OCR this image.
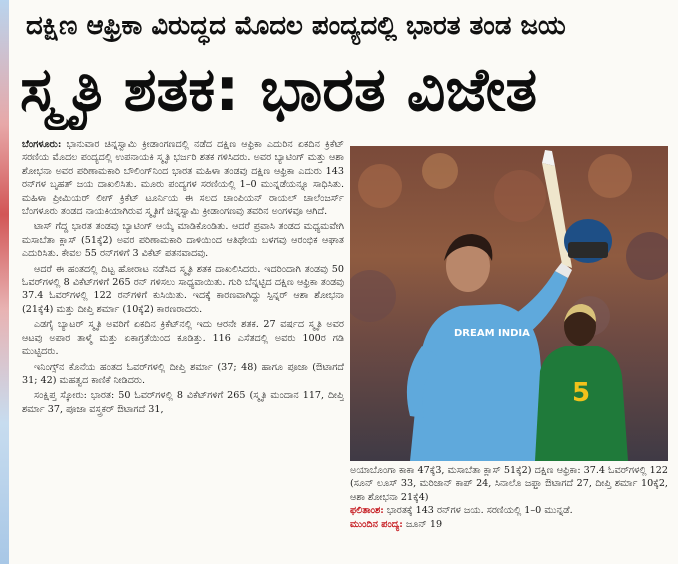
ದಕ್ಷಿಣ ಆಫ್ರಿಕಾ ವಿರುದ್ಧದ ಮೊದಲ ಪಂದ್ಯದಲ್ಲಿ ಭಾರತ ತಂಡ ಜಯ
ಸ್ಮೃತಿ ಶತಕ: ಭಾರತ ವಿಜೇತ

ಬೆಂಗಳೂರು: ಭಾನುವಾರ ಚಿನ್ನಸ್ವಾಮಿ ಕ್ರೀಡಾಂಗಣದಲ್ಲಿ ನಡೆದ ದಕ್ಷಿಣ ಆಫ್ರಿಕಾ ಎದುರಿನ ಏಕದಿನ ಕ್ರಿಕೆಟ್ ಸರಣಿಯ ಮೊದಲ ಪಂದ್ಯದಲ್ಲಿ ಉಪನಾಯಕಿ ಸ್ಮೃತಿ ಭರ್ಜರಿ ಶತಕ ಗಳಿಸಿದರು. ಅವರ ಬ್ಯಾಟಿಂಗ್ ಮತ್ತು ಆಶಾ ಶೋಭನಾ ಅವರ ಪರಿಣಾಮಕಾರಿ ಬೌಲಿಂಗ್‌ನಿಂದ ಭಾರತ ಮಹಿಳಾ ತಂಡವು ದಕ್ಷಿಣ ಆಫ್ರಿಕಾ ಎದುರು 143 ರನ್‌ಗಳ ಬೃಹತ್ ಜಯ ದಾಖಲಿಸಿತು. ಮೂರು ಪಂದ್ಯಗಳ ಸರಣಿಯಲ್ಲಿ 1–0 ಮುನ್ನಡೆಯನ್ನೂ ಸಾಧಿಸಿತು. ಮಹಿಳಾ ಪ್ರೀಮಿಯರ್ ಲೀಗ್ ಕ್ರಿಕೆಟ್ ಟೂರ್ನಿಯ ಈ ಸಲದ ಚಾಂಪಿಯನ್ ರಾಯಲ್ ಚಾಲೆಂಜರ್ಸ್ ಬೆಂಗಳೂರು ತಂಡದ ನಾಯಕಿಯಾಗಿರುವ ಸ್ಮೃತಿಗೆ ಚಿನ್ನಸ್ವಾಮಿ ಕ್ರೀಡಾಂಗಣವು ತವರಿನ ಅಂಗಳವೂ ಆಗಿದೆ.

ಟಾಸ್ ಗೆದ್ದ ಭಾರತ ತಂಡವು ಬ್ಯಾಟಿಂಗ್ ಆಯ್ಕೆ ಮಾಡಿಕೊಂಡಿತು. ಆದರೆ ಪ್ರವಾಸಿ ತಂಡದ ಮಧ್ಯಮವೇಗಿ ಮಸಾಬೆತಾ ಕ್ಲಾಸ್ (51ಕ್ಕೆ2) ಅವರ ಪರಿಣಾಮಕಾರಿ ದಾಳಿಯಿಂದ ಆತಿಥೇಯ ಬಳಗವು ಆರಂಭಿಕ ಆಘಾತ ಎದುರಿಸಿತು. ಕೇವಲ 55 ರನ್‌ಗಳಿಗೆ 3 ವಿಕೆಟ್ ಪತನವಾದವು.

ಆದರೆ ಈ ಹಂತದಲ್ಲಿ ದಿಟ್ಟ ಹೋರಾಟ ನಡೆಸಿದ ಸ್ಮೃತಿ ಶತಕ ದಾಖಲಿಸಿದರು. ಇದರಿಂದಾಗಿ ತಂಡವು 50 ಓವರ್‌ಗಳಲ್ಲಿ 8 ವಿಕೆಟ್‌ಗಳಿಗೆ 265 ರನ್ ಗಳಿಸಲು ಸಾಧ್ಯವಾಯಿತು. ಗುರಿ ಬೆನ್ನಟ್ಟಿದ ದಕ್ಷಿಣ ಆಫ್ರಿಕಾ ತಂಡವು 37.4 ಓವರ್‌ಗಳಲ್ಲಿ 122 ರನ್‌ಗಳಿಗೆ ಕುಸಿಯಿತು. ಇದಕ್ಕೆ ಕಾರಣವಾಗಿದ್ದು ಸ್ಪಿನ್ನರ್ ಆಶಾ ಶೋಭನಾ (21ಕ್ಕೆ4) ಮತ್ತು ದೀಪ್ತಿ ಶರ್ಮಾ (10ಕ್ಕೆ2) ಕಾರಣರಾದರು.

ಎಡಗೈ ಬ್ಯಾಟರ್ ಸ್ಮೃತಿ ಅವರಿಗೆ ಏಕದಿನ ಕ್ರಿಕೆಟ್‌ನಲ್ಲಿ ಇದು ಆರನೇ ಶತಕ. 27 ವರ್ಷದ ಸ್ಮೃತಿ ಅವರ ಆಟವು ಅಪಾರ ತಾಳ್ಮೆ ಮತ್ತು ಏಕಾಗ್ರತೆಯಿಂದ ಕೂಡಿತ್ತು. 116 ಎಸೆತದಲ್ಲಿ ಅವರು 100ರ ಗಡಿ ಮುಟ್ಟಿದರು.

ಇನಿಂಗ್ಸ್‌ನ ಕೊನೆಯ ಹಂತದ ಓವರ್‌ಗಳಲ್ಲಿ ದೀಪ್ತಿ ಶರ್ಮಾ (37; 48) ಹಾಗೂ ಪೂಜಾ (ಔಟಾಗದೆ 31; 42) ಮಹತ್ವದ ಕಾಣಿಕೆ ನೀಡಿದರು.

ಸಂಕ್ಷಿಪ್ತ ಸ್ಕೋರು: ಭಾರತ: 50 ಓವರ್‌ಗಳಲ್ಲಿ 8 ವಿಕೆಟ್‌ಗಳಿಗೆ 265 (ಸ್ಮೃತಿ ಮಂದಾನ 117, ದೀಪ್ತಿ ಶರ್ಮಾ 37, ಪೂಜಾ ವಸ್ತ್ರಕರ್ ಔಟಾಗದೆ 31,

DREAM INDIA
5

ಅಯಾಬೊಂಗಾ ಕಾಕಾ 47ಕ್ಕೆ3, ಮಸಾಬೆತಾ ಕ್ಲಾಸ್ 51ಕ್ಕೆ2) ದಕ್ಷಿಣ ಆಫ್ರಿಕಾ: 37.4 ಓವರ್‌ಗಳಲ್ಲಿ 122 (ಸೂನ್ ಲೂಸ್ 33, ಮರಿಜಾನ್ ಕಾಪ್ 24, ಸಿನಾಲೊ ಜಫ್ತಾ ಔಟಾಗದೆ 27, ದೀಪ್ತಿ ಶರ್ಮಾ 10ಕ್ಕೆ2, ಆಶಾ ಶೋಭನಾ 21ಕ್ಕೆ4)

ಫಲಿತಾಂಶ: ಭಾರತಕ್ಕೆ 143 ರನ್‌ಗಳ ಜಯ. ಸರಣಿಯಲ್ಲಿ 1–0 ಮುನ್ನಡೆ.

ಮುಂದಿನ ಪಂದ್ಯ: ಜೂನ್ 19
